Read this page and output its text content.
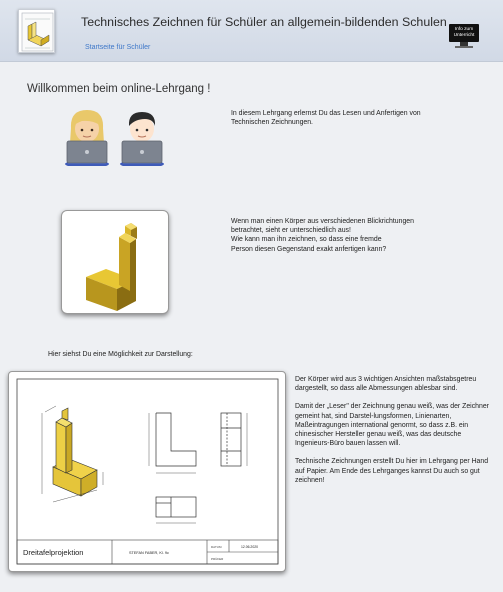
Technisches Zeichnen für Schüler an allgemein-bildenden Schulen
Startseite für Schüler
Info zum Unterricht
Willkommen beim online-Lehrgang !
In diesem Lehrgang erlernst Du das Lesen und Anfertigen von Technischen Zeichnungen.
Wenn man einen Körper aus verschiedenen Blickrichtungen
betrachtet, sieht er unterschiedlich aus!
Wie kann man ihn zeichnen, so dass eine fremde
Person diesen Gegenstand exakt anfertigen kann?
Hier siehst Du eine Möglichkeit zur Darstellung:
Dreitafelprojektion	STEFAN FABER, Kl. 9c
DATUM	12.06.2020
PRÜFER
Der Körper wird aus 3 wichtigen Ansichten maßstabsgetreu dargestellt, so dass alle Abmessungen ablesbar sind.
Damit der „Leser" der Zeichnung genau weiß, was der Zeichner gemeint hat, sind Darstel-lungsformen, Linienarten, Maßeintragungen international genormt, so dass z.B. ein chinesischer Hersteller genau weiß, was das deutsche Ingenieurs-Büro bauen lassen will.
Technische Zeichnungen erstellt Du hier im Lehrgang per Hand auf Papier. Am Ende des Lehrganges kannst Du auch so gut zeichnen!
